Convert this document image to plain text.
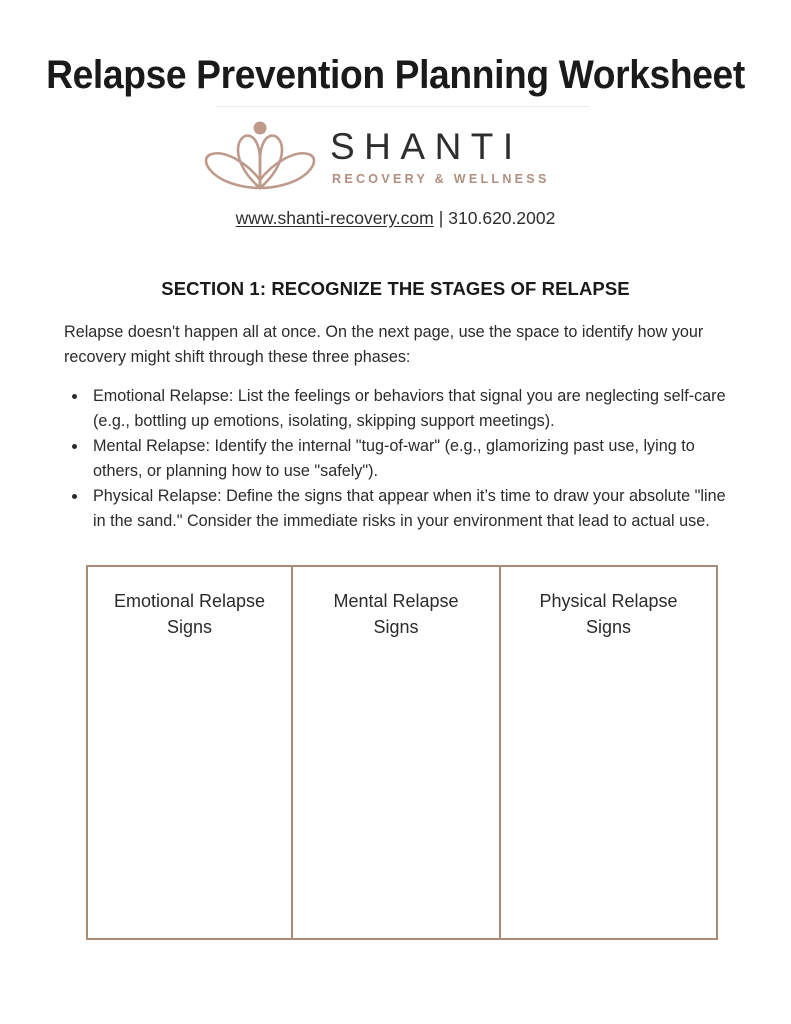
Relapse Prevention Planning Worksheet
SHANTI
RECOVERY & WELLNESS
www.shanti-recovery.com | 310.620.2002
SECTION 1: RECOGNIZE THE STAGES OF RELAPSE
Relapse doesn't happen all at once. On the next page, use the space to identify how your recovery might shift through these three phases:
Emotional Relapse: List the feelings or behaviors that signal you are neglecting self-care (e.g., bottling up emotions, isolating, skipping support meetings).
Mental Relapse: Identify the internal "tug-of-war" (e.g., glamorizing past use, lying to others, or planning how to use "safely").
Physical Relapse: Define the signs that appear when it’s time to draw your absolute "line in the sand." Consider the immediate risks in your environment that lead to actual use.
Emotional Relapse Signs
Mental Relapse Signs
Physical Relapse Signs
